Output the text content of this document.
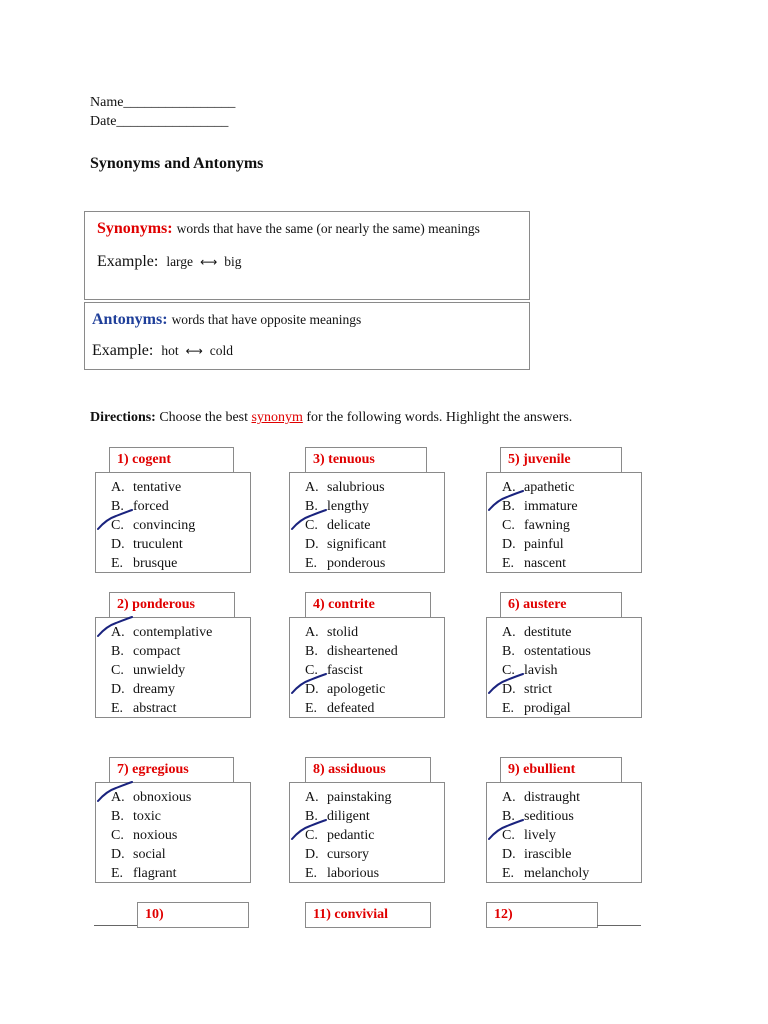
Name________________
Date________________
Synonyms and Antonyms
Synonyms: words that have the same (or nearly the same) meanings
Example: large ⟷ big
Antonyms: words that have opposite meanings
Example: hot ⟷ cold
Directions: Choose the best synonym for the following words. Highlight the answers.
1) cogent
A. tentative
B. forced
C. convincing
D. truculent
E. brusque
3) tenuous
A. salubrious
B. lengthy
C. delicate
D. significant
E. ponderous
5) juvenile
A. apathetic
B. immature
C. fawning
D. painful
E. nascent
2) ponderous
A. contemplative
B. compact
C. unwieldy
D. dreamy
E. abstract
4) contrite
A. stolid
B. disheartened
C. fascist
D. apologetic
E. defeated
6) austere
A. destitute
B. ostentatious
C. lavish
D. strict
E. prodigal
7) egregious
A. obnoxious
B. toxic
C. noxious
D. social
E. flagrant
8) assiduous
A. painstaking
B. diligent
C. pedantic
D. cursory
E. laborious
9) ebullient
A. distraught
B. seditious
C. lively
D. irascible
E. melancholy
10)	11) convivial	12)
